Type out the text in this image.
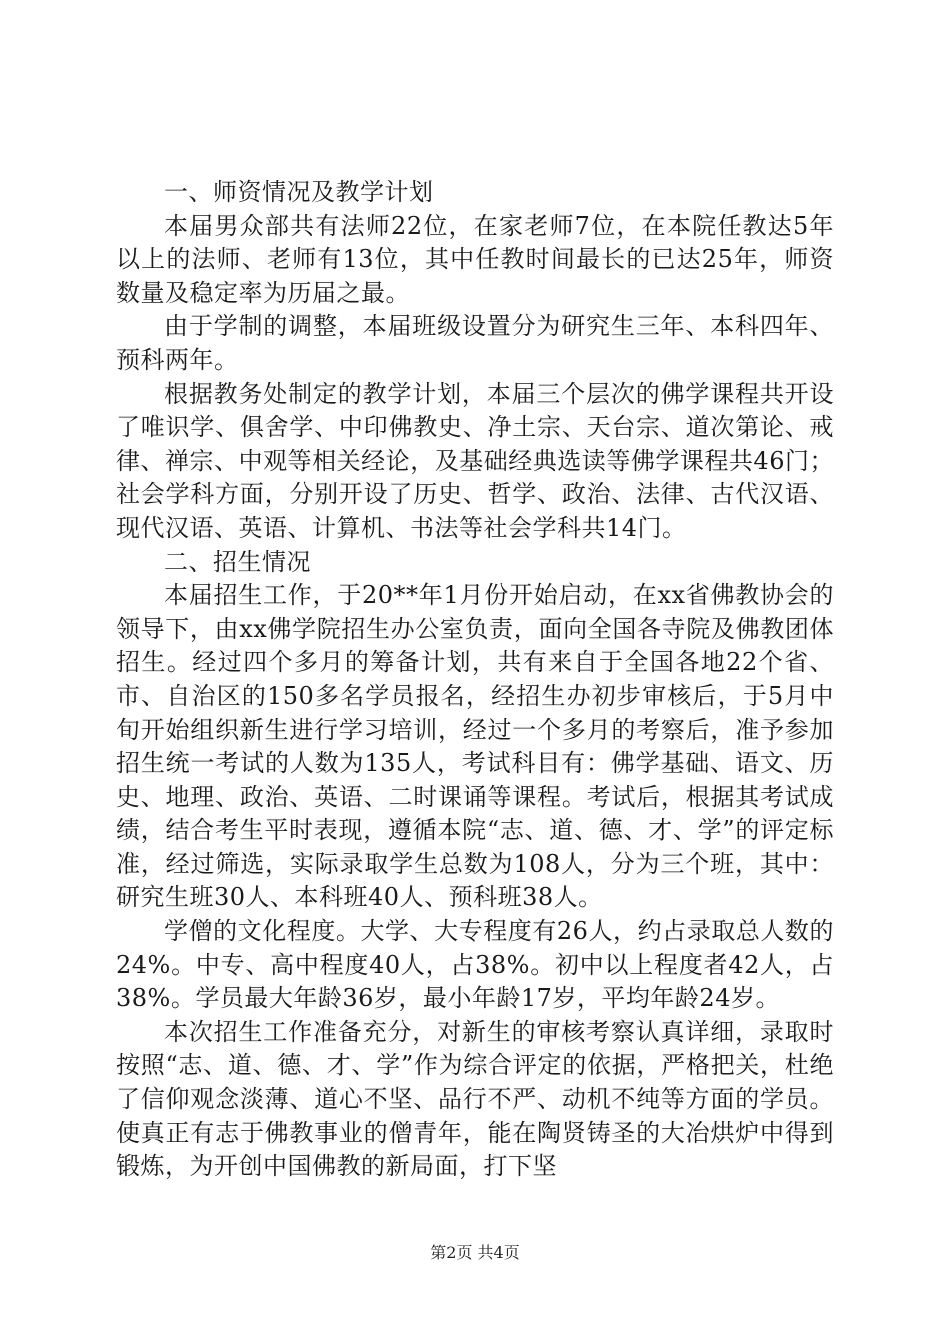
一、师资情况及教学计划

本届男众部共有法师22位，在家老师7位，在本院任教达5年以上的法师、老师有13位，其中任教时间最长的已达25年，师资数量及稳定率为历届之最。

由于学制的调整，本届班级设置分为研究生三年、本科四年、预科两年。

根据教务处制定的教学计划，本届三个层次的佛学课程共开设了唯识学、俱舍学、中印佛教史、净土宗、天台宗、道次第论、戒律、禅宗、中观等相关经论，及基础经典选读等佛学课程共46门；社会学科方面，分别开设了历史、哲学、政治、法律、古代汉语、现代汉语、英语、计算机、书法等社会学科共14门。

二、招生情况

本届招生工作，于20**年1月份开始启动，在xx省佛教协会的领导下，由xx佛学院招生办公室负责，面向全国各寺院及佛教团体招生。经过四个多月的筹备计划，共有来自于全国各地22个省、市、自治区的150多名学员报名，经招生办初步审核后，于5月中旬开始组织新生进行学习培训，经过一个多月的考察后，准予参加招生统一考试的人数为135人，考试科目有：佛学基础、语文、历史、地理、政治、英语、二时课诵等课程。考试后，根据其考试成绩，结合考生平时表现，遵循本院“志、道、德、才、学”的评定标准，经过筛选，实际录取学生总数为108人，分为三个班，其中：研究生班30人、本科班40人、预科班38人。

学僧的文化程度。大学、大专程度有26人，约占录取总人数的24%。中专、高中程度40人，占38%。初中以上程度者42人，占38%。学员最大年龄36岁，最小年龄17岁，平均年龄24岁。

本次招生工作准备充分，对新生的审核考察认真详细，录取时按照“志、道、德、才、学”作为综合评定的依据，严格把关，杜绝了信仰观念淡薄、道心不坚、品行不严、动机不纯等方面的学员。使真正有志于佛教事业的僧青年，能在陶贤铸圣的大冶烘炉中得到锻炼，为开创中国佛教的新局面，打下坚

第2页 共4页
